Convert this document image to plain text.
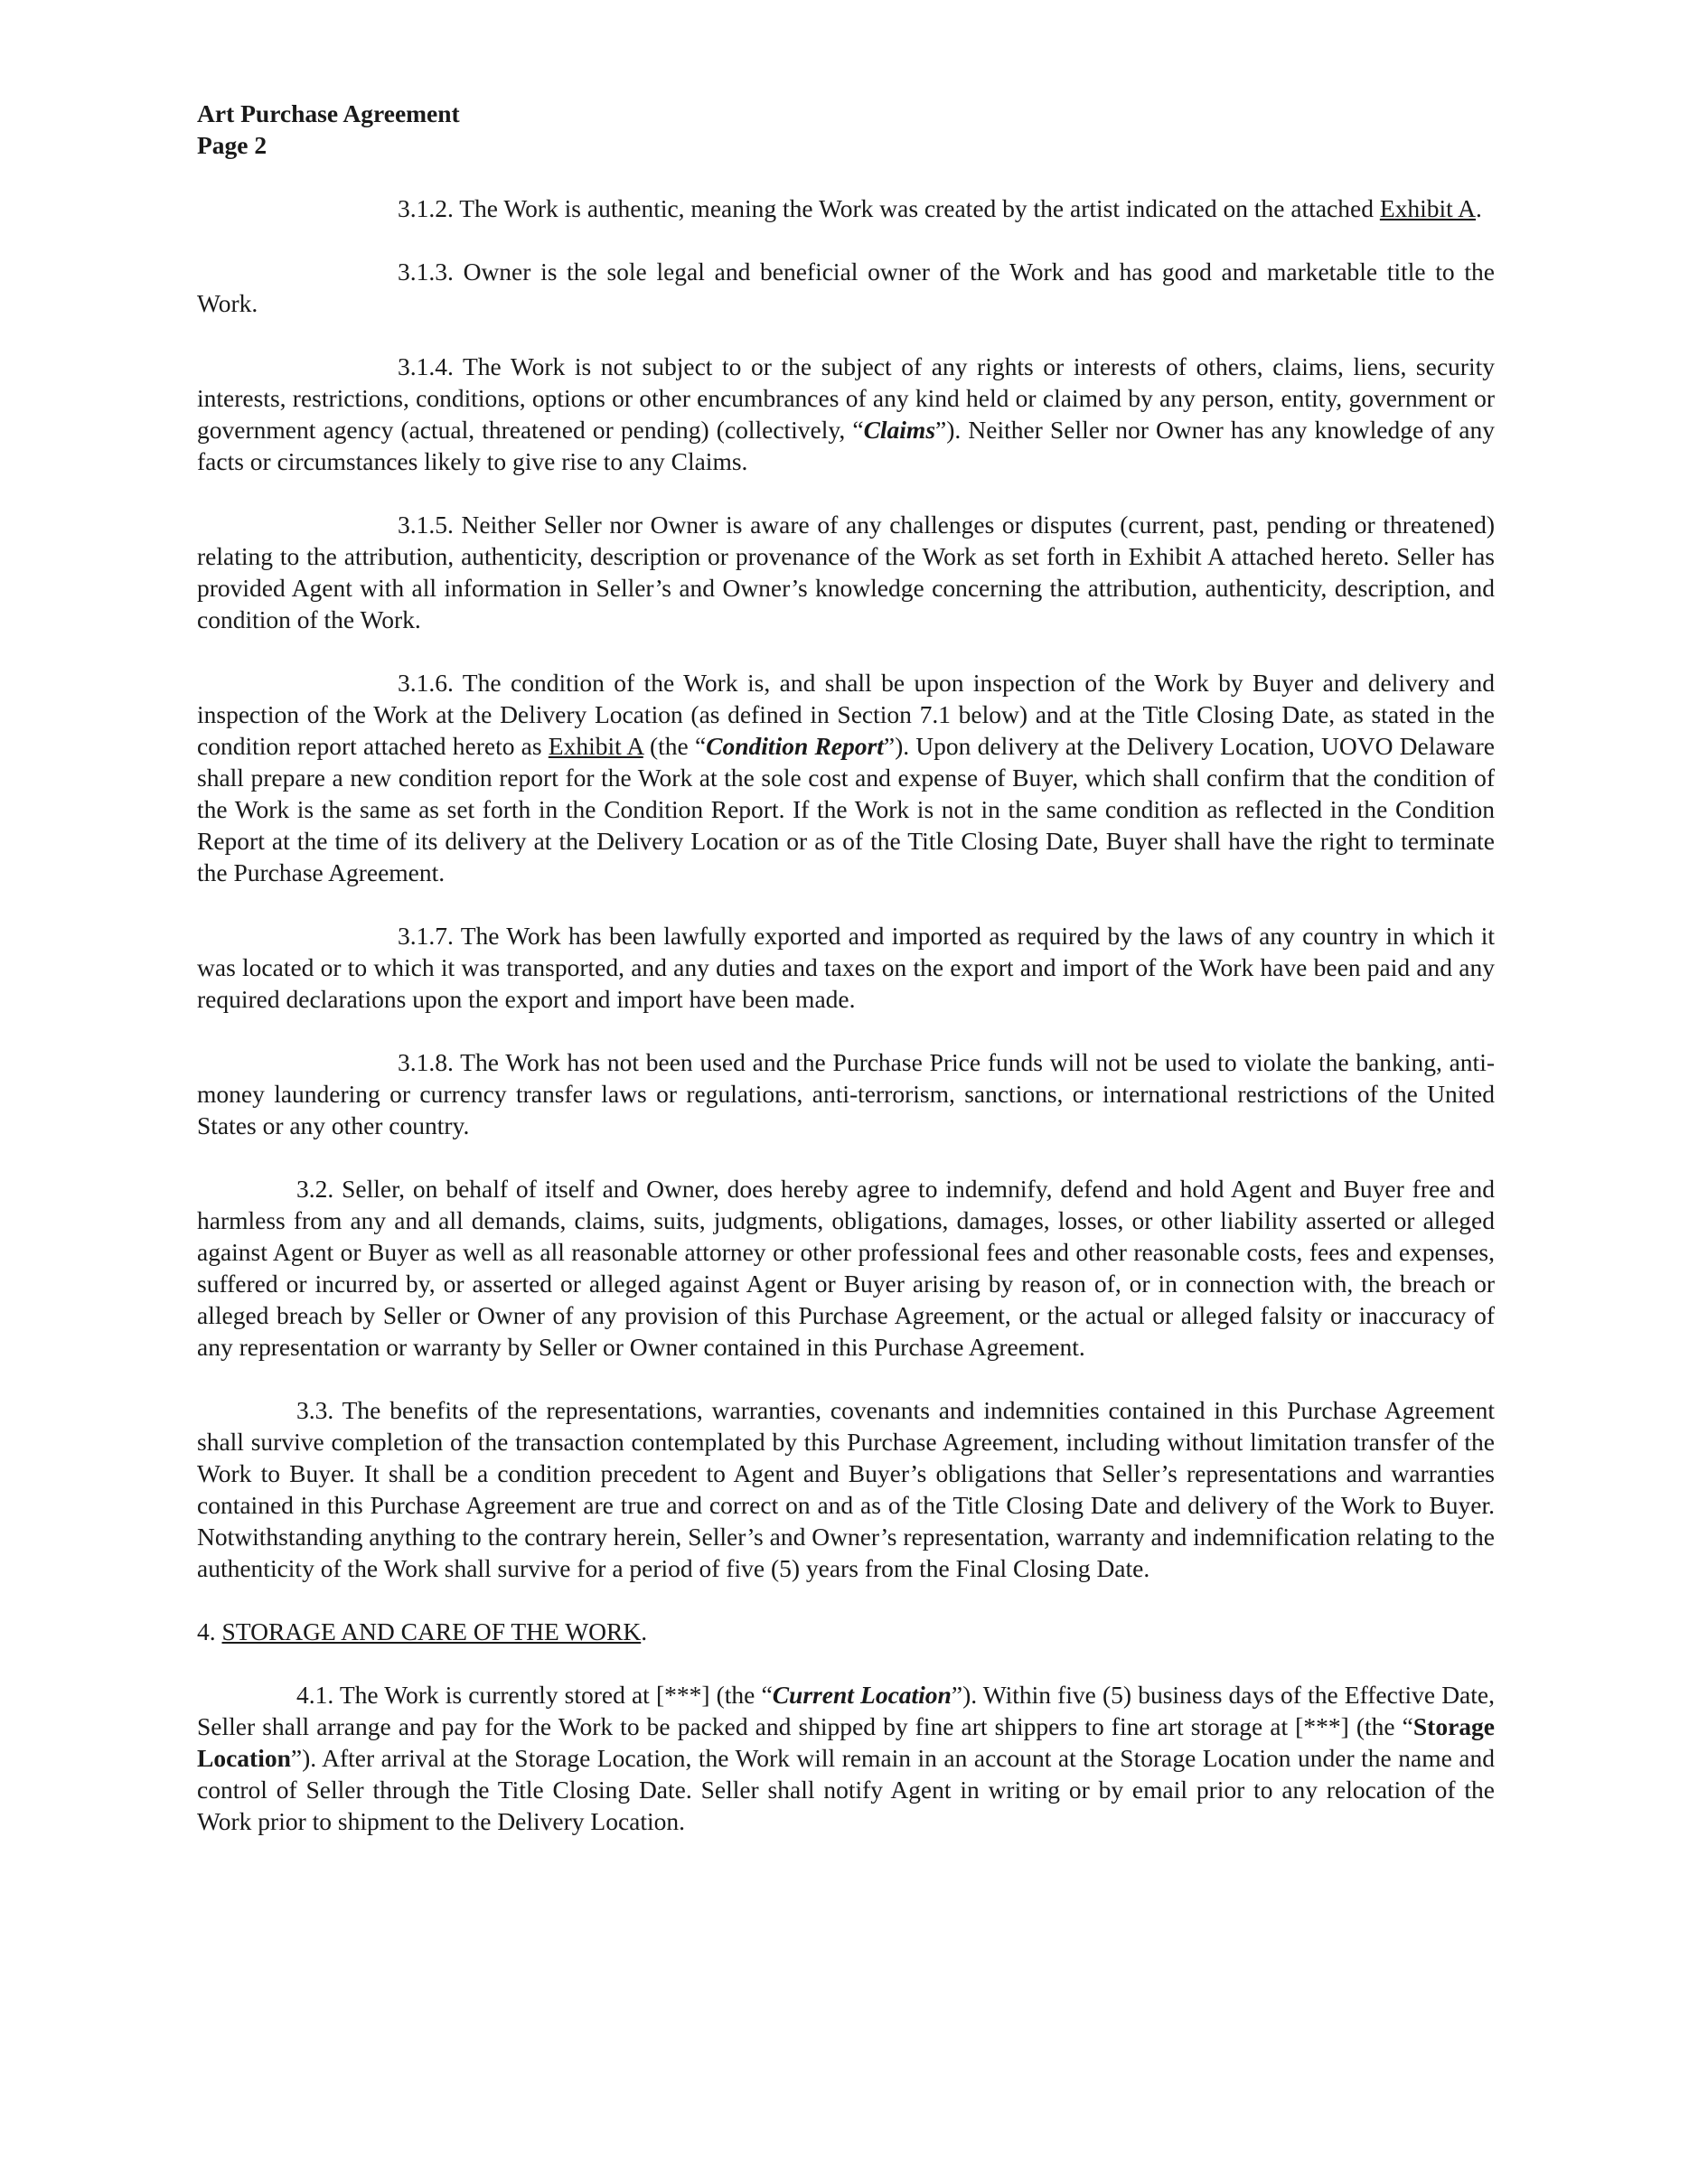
Art Purchase Agreement
Page 2

3.1.2. The Work is authentic, meaning the Work was created by the artist indicated on the attached Exhibit A.

3.1.3. Owner is the sole legal and beneficial owner of the Work and has good and marketable title to the Work.

3.1.4. The Work is not subject to or the subject of any rights or interests of others, claims, liens, security interests, restrictions, conditions, options or other encumbrances of any kind held or claimed by any person, entity, government or government agency (actual, threatened or pending) (collectively, “Claims”). Neither Seller nor Owner has any knowledge of any facts or circumstances likely to give rise to any Claims.

3.1.5. Neither Seller nor Owner is aware of any challenges or disputes (current, past, pending or threatened) relating to the attribution, authenticity, description or provenance of the Work as set forth in Exhibit A attached hereto. Seller has provided Agent with all information in Seller’s and Owner’s knowledge concerning the attribution, authenticity, description, and condition of the Work.

3.1.6. The condition of the Work is, and shall be upon inspection of the Work by Buyer and delivery and inspection of the Work at the Delivery Location (as defined in Section 7.1 below) and at the Title Closing Date, as stated in the condition report attached hereto as Exhibit A (the “Condition Report”). Upon delivery at the Delivery Location, UOVO Delaware shall prepare a new condition report for the Work at the sole cost and expense of Buyer, which shall confirm that the condition of the Work is the same as set forth in the Condition Report. If the Work is not in the same condition as reflected in the Condition Report at the time of its delivery at the Delivery Location or as of the Title Closing Date, Buyer shall have the right to terminate the Purchase Agreement.

3.1.7. The Work has been lawfully exported and imported as required by the laws of any country in which it was located or to which it was transported, and any duties and taxes on the export and import of the Work have been paid and any required declarations upon the export and import have been made.

3.1.8. The Work has not been used and the Purchase Price funds will not be used to violate the banking, anti-money laundering or currency transfer laws or regulations, anti-terrorism, sanctions, or international restrictions of the United States or any other country.

3.2. Seller, on behalf of itself and Owner, does hereby agree to indemnify, defend and hold Agent and Buyer free and harmless from any and all demands, claims, suits, judgments, obligations, damages, losses, or other liability asserted or alleged against Agent or Buyer as well as all reasonable attorney or other professional fees and other reasonable costs, fees and expenses, suffered or incurred by, or asserted or alleged against Agent or Buyer arising by reason of, or in connection with, the breach or alleged breach by Seller or Owner of any provision of this Purchase Agreement, or the actual or alleged falsity or inaccuracy of any representation or warranty by Seller or Owner contained in this Purchase Agreement.

3.3. The benefits of the representations, warranties, covenants and indemnities contained in this Purchase Agreement shall survive completion of the transaction contemplated by this Purchase Agreement, including without limitation transfer of the Work to Buyer. It shall be a condition precedent to Agent and Buyer’s obligations that Seller’s representations and warranties contained in this Purchase Agreement are true and correct on and as of the Title Closing Date and delivery of the Work to Buyer. Notwithstanding anything to the contrary herein, Seller’s and Owner’s representation, warranty and indemnification relating to the authenticity of the Work shall survive for a period of five (5) years from the Final Closing Date.

4. STORAGE AND CARE OF THE WORK.

4.1. The Work is currently stored at [***] (the “Current Location”). Within five (5) business days of the Effective Date, Seller shall arrange and pay for the Work to be packed and shipped by fine art shippers to fine art storage at [***] (the “Storage Location”). After arrival at the Storage Location, the Work will remain in an account at the Storage Location under the name and control of Seller through the Title Closing Date. Seller shall notify Agent in writing or by email prior to any relocation of the Work prior to shipment to the Delivery Location.
